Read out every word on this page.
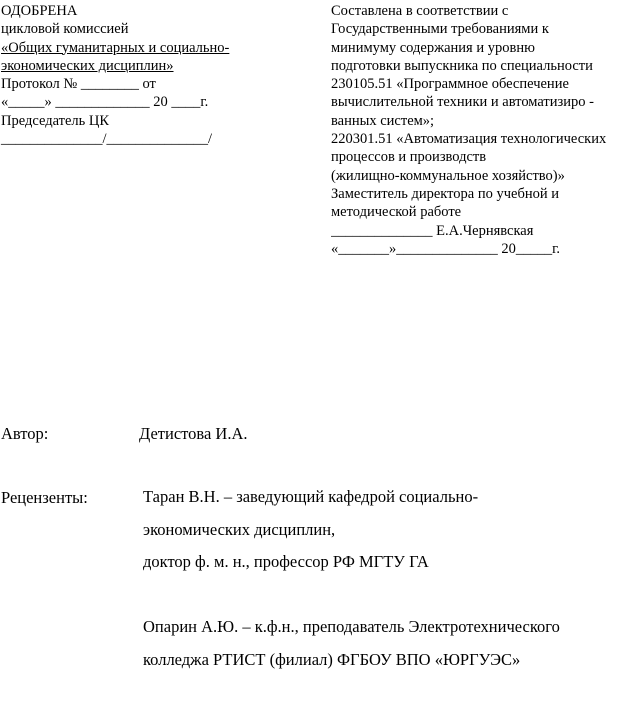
ОДОБРЕНА
цикловой комиссией
«Общих гуманитарных и социально-
экономических дисциплин»
Протокол № ________ от
«_____» _____________ 20 ____г.
Председатель ЦК
______________/______________/
Составлена в соответствии с
Государственными требованиями к
минимуму содержания и уровню
подготовки выпускника по специальности
230105.51 «Программное обеспечение
вычислительной техники и автоматизиро -
ванных систем»;
220301.51 «Автоматизация технологических
процессов и производств
(жилищно-коммунальное хозяйство)»
Заместитель директора по учебной и
методической работе
______________ Е.А.Чернявская
«_______»______________ 20_____г.
Автор:	Детистова И.А.
Рецензенты:	Таран В.Н. – заведующий кафедрой социально-
экономических дисциплин,
доктор ф. м. н., профессор РФ МГТУ ГА
Опарин А.Ю. – к.ф.н., преподаватель Электротехнического
колледжа РТИСТ (филиал) ФГБОУ ВПО «ЮРГУЭС»
